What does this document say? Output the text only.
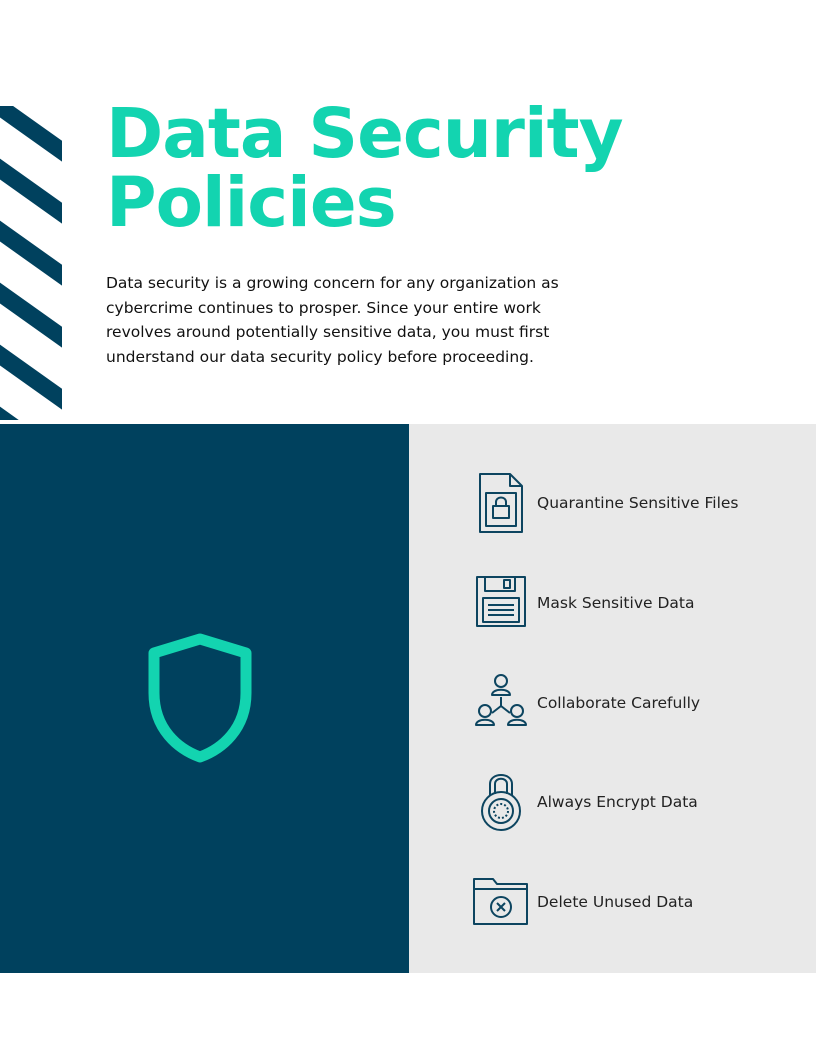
Data Security
Policies

Data security is a growing concern for any organization as cybercrime continues to prosper. Since your entire work revolves around potentially sensitive data, you must first understand our data security policy before proceeding.

Quarantine Sensitive Files
Mask Sensitive Data
Collaborate Carefully
Always Encrypt Data
Delete Unused Data
